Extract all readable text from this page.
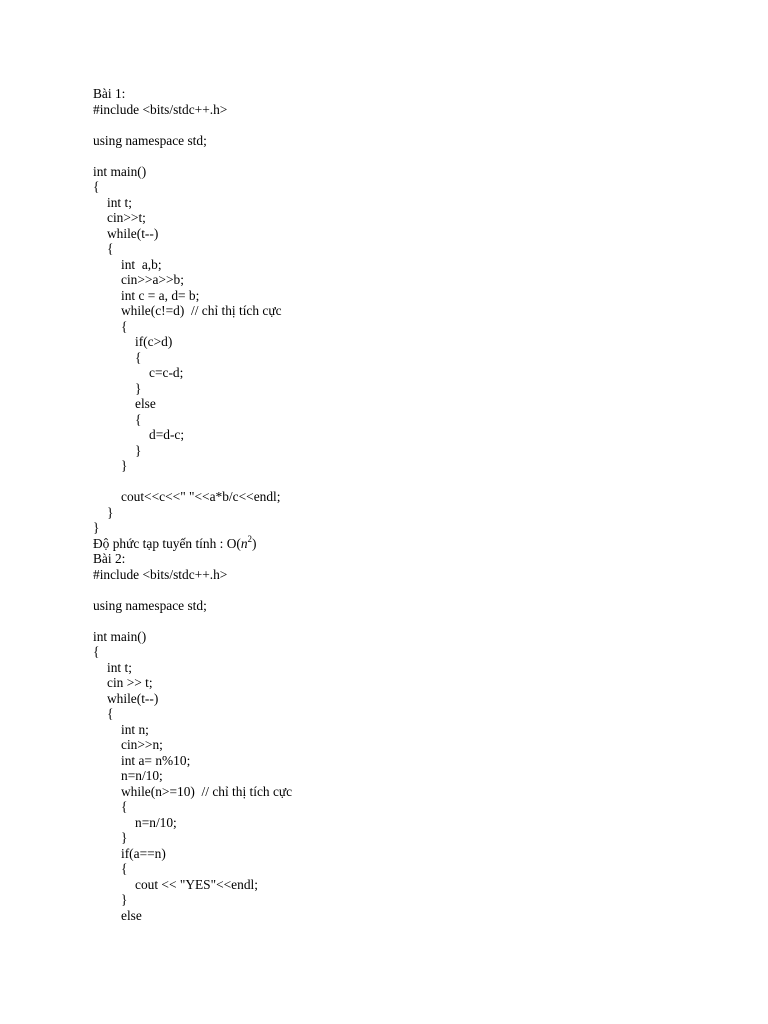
Bài 1:
#include <bits/stdc++.h>
using namespace std;
int main()
{
int t;
cin>>t;
while(t--)
{
int  a,b;
cin>>a>>b;
int c = a, d= b;
while(c!=d)  // chỉ thị tích cực
{
if(c>d)
{
c=c-d;
}
else
{
d=d-c;
}
}
cout<<c<<" "<<a*b/c<<endl;
}
}
Độ phức tạp tuyến tính : $O(n^2)$
Bài 2:
#include <bits/stdc++.h>
using namespace std;
int main()
{
int t;
cin >> t;
while(t--)
{
int n;
cin>>n;
int a= n%10;
n=n/10;
while(n>=10)  // chỉ thị tích cực
{
n=n/10;
}
if(a==n)
{
cout << "YES"<<endl;
}
else
